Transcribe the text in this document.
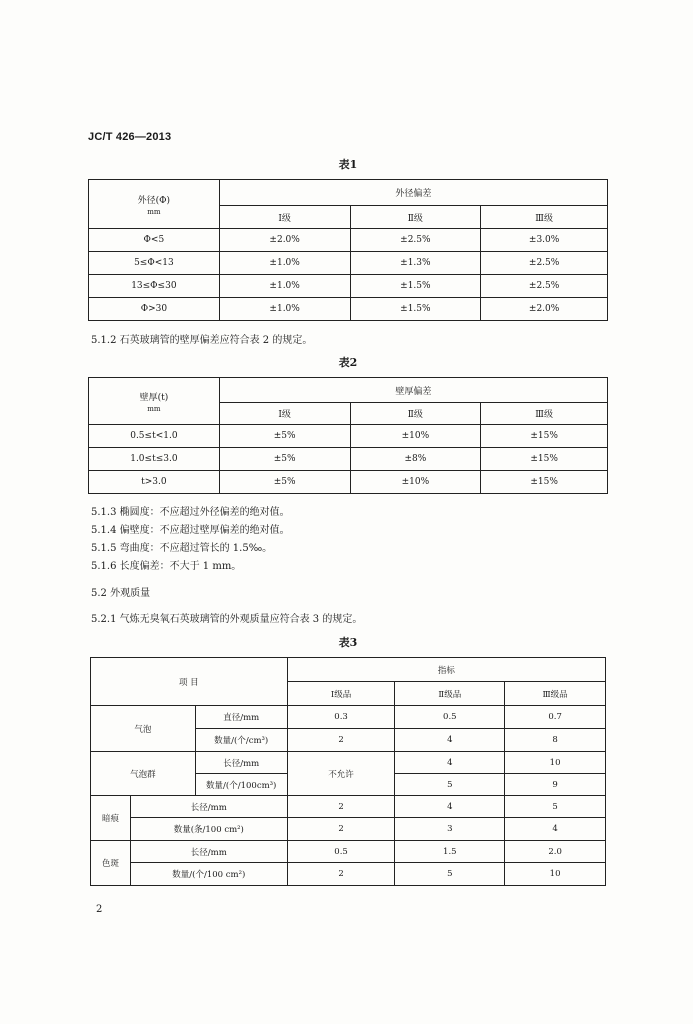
JC/T 426—2013
表1
外径(Φ)
mm	外径偏差		
	Ⅰ级	Ⅱ级	Ⅲ级
Φ<5	±2.0%	±2.5%	±3.0%
5≤Φ<13	±1.0%	±1.3%	±2.5%
13≤Φ≤30	±1.0%	±1.5%	±2.5%
Φ>30	±1.0%	±1.5%	±2.0%
5.1.2 石英玻璃管的壁厚偏差应符合表 2 的规定。
表2
壁厚(t)
mm	壁厚偏差		
	Ⅰ级	Ⅱ级	Ⅲ级
0.5≤t<1.0	±5%	±10%	±15%
1.0≤t≤3.0	±5%	±8%	±15%
t>3.0	±5%	±10%	±15%
5.1.3 椭圆度：不应超过外径偏差的绝对值。
5.1.4 偏壁度：不应超过壁厚偏差的绝对值。
5.1.5 弯曲度：不应超过管长的 1.5‰。
5.1.6 长度偏差：不大于 1 mm。
5.2 外观质量
5.2.1 气炼无臭氧石英玻璃管的外观质量应符合表 3 的规定。
表3
项 目			指标		
			Ⅰ级品	Ⅱ级品	Ⅲ级品
气泡		直径/mm	0.3	0.5	0.7
		数量/(个/cm³)	2	4	8
气泡群		长径/mm	不允许	4	10
		数量/(个/100cm³)		5	9
暗痕	长径/mm		2	4	5
	数量(条/100 cm²)		2	3	4
色斑	长径/mm		0.5	1.5	2.0
	数量/(个/100 cm²)		2	5	10
2
